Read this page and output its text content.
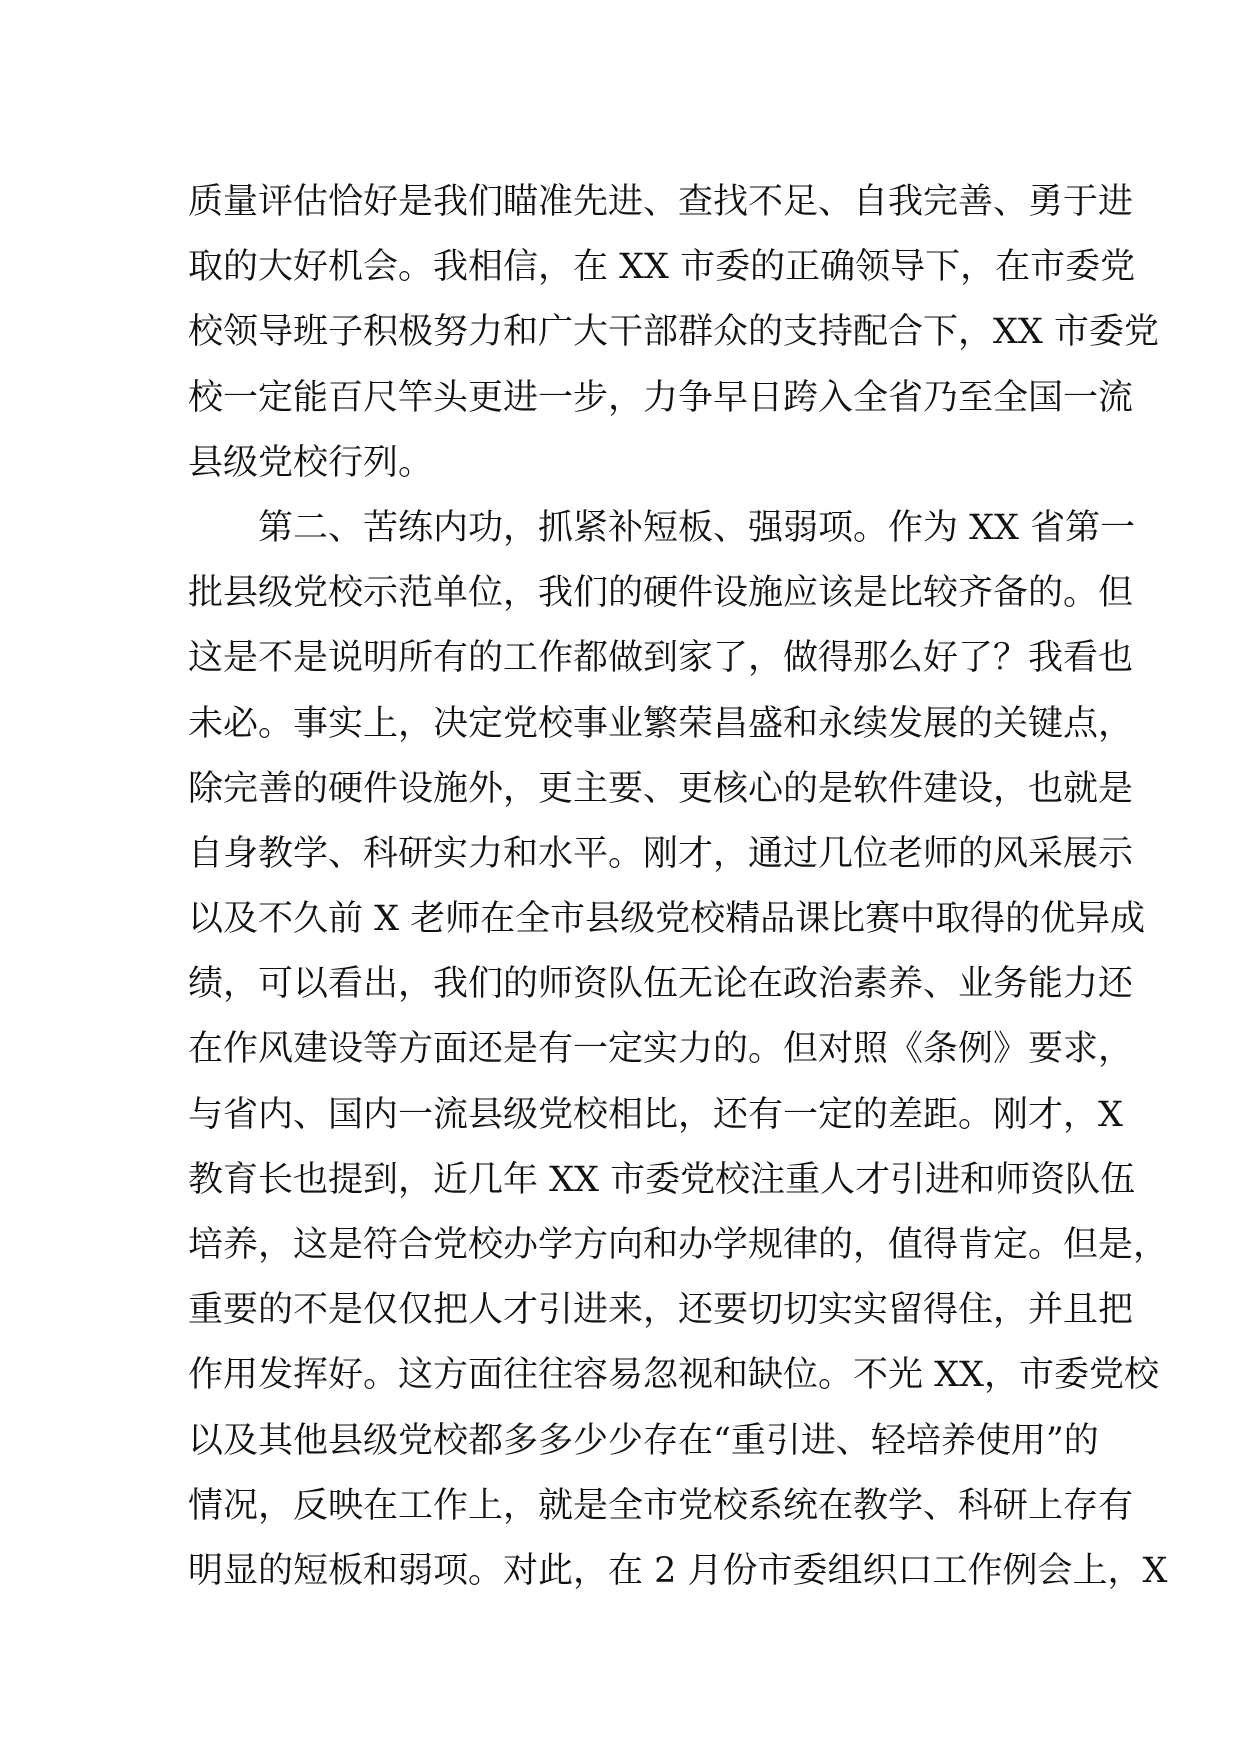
质量评估恰好是我们瞄准先进、查找不足、自我完善、勇于进
取的大好机会。我相信，在 XX 市委的正确领导下，在市委党
校领导班子积极努力和广大干部群众的支持配合下，XX 市委党
校一定能百尺竿头更进一步，力争早日跨入全省乃至全国一流
县级党校行列。
　　第二、苦练内功，抓紧补短板、强弱项。作为 XX 省第一
批县级党校示范单位，我们的硬件设施应该是比较齐备的。但
这是不是说明所有的工作都做到家了，做得那么好了？我看也
未必。事实上，决定党校事业繁荣昌盛和永续发展的关键点，
除完善的硬件设施外，更主要、更核心的是软件建设，也就是
自身教学、科研实力和水平。刚才，通过几位老师的风采展示
以及不久前 X 老师在全市县级党校精品课比赛中取得的优异成
绩，可以看出，我们的师资队伍无论在政治素养、业务能力还
在作风建设等方面还是有一定实力的。但对照《条例》要求，
与省内、国内一流县级党校相比，还有一定的差距。刚才，X
教育长也提到，近几年 XX 市委党校注重人才引进和师资队伍
培养，这是符合党校办学方向和办学规律的，值得肯定。但是，
重要的不是仅仅把人才引进来，还要切切实实留得住，并且把
作用发挥好。这方面往往容易忽视和缺位。不光 XX，市委党校
以及其他县级党校都多多少少存在“重引进、轻培养使用”的
情况，反映在工作上，就是全市党校系统在教学、科研上存有
明显的短板和弱项。对此，在 2 月份市委组织口工作例会上，X
